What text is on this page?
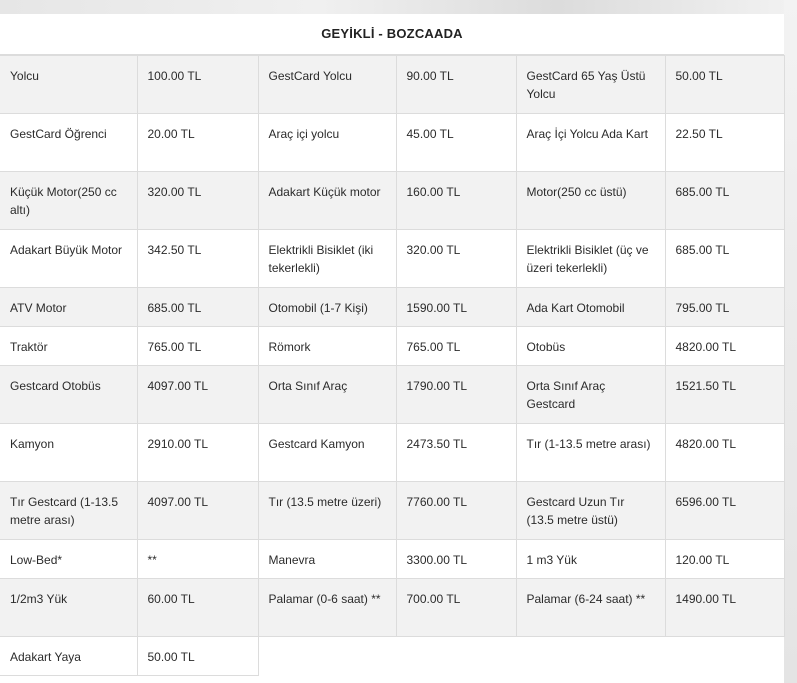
GEYİKLİ - BOZCAADA
Yolcu	100.00 TL	GestCard Yolcu	90.00 TL	GestCard 65 Yaş Üstü Yolcu	50.00 TL
GestCard Öğrenci	20.00 TL	Araç içi yolcu	45.00 TL	Araç İçi Yolcu Ada Kart	22.50 TL
Küçük Motor(250 cc altı)	320.00 TL	Adakart Küçük motor	160.00 TL	Motor(250 cc üstü)	685.00 TL
Adakart Büyük Motor	342.50 TL	Elektrikli Bisiklet (iki tekerlekli)	320.00 TL	Elektrikli Bisiklet (üç ve üzeri tekerlekli)	685.00 TL
ATV Motor	685.00 TL	Otomobil (1-7 Kişi)	1590.00 TL	Ada Kart Otomobil	795.00 TL
Traktör	765.00 TL	Römork	765.00 TL	Otobüs	4820.00 TL
Gestcard Otobüs	4097.00 TL	Orta Sınıf Araç	1790.00 TL	Orta Sınıf Araç Gestcard	1521.50 TL
Kamyon	2910.00 TL	Gestcard Kamyon	2473.50 TL	Tır (1-13.5 metre arası)	4820.00 TL
Tır Gestcard (1-13.5 metre arası)	4097.00 TL	Tır (13.5 metre üzeri)	7760.00 TL	Gestcard Uzun Tır (13.5 metre üstü)	6596.00 TL
Low-Bed*	**	Manevra	3300.00 TL	1 m3 Yük	120.00 TL
1/2m3 Yük	60.00 TL	Palamar (0-6 saat) **	700.00 TL	Palamar (6-24 saat) **	1490.00 TL
Adakart Yaya	50.00 TL				
